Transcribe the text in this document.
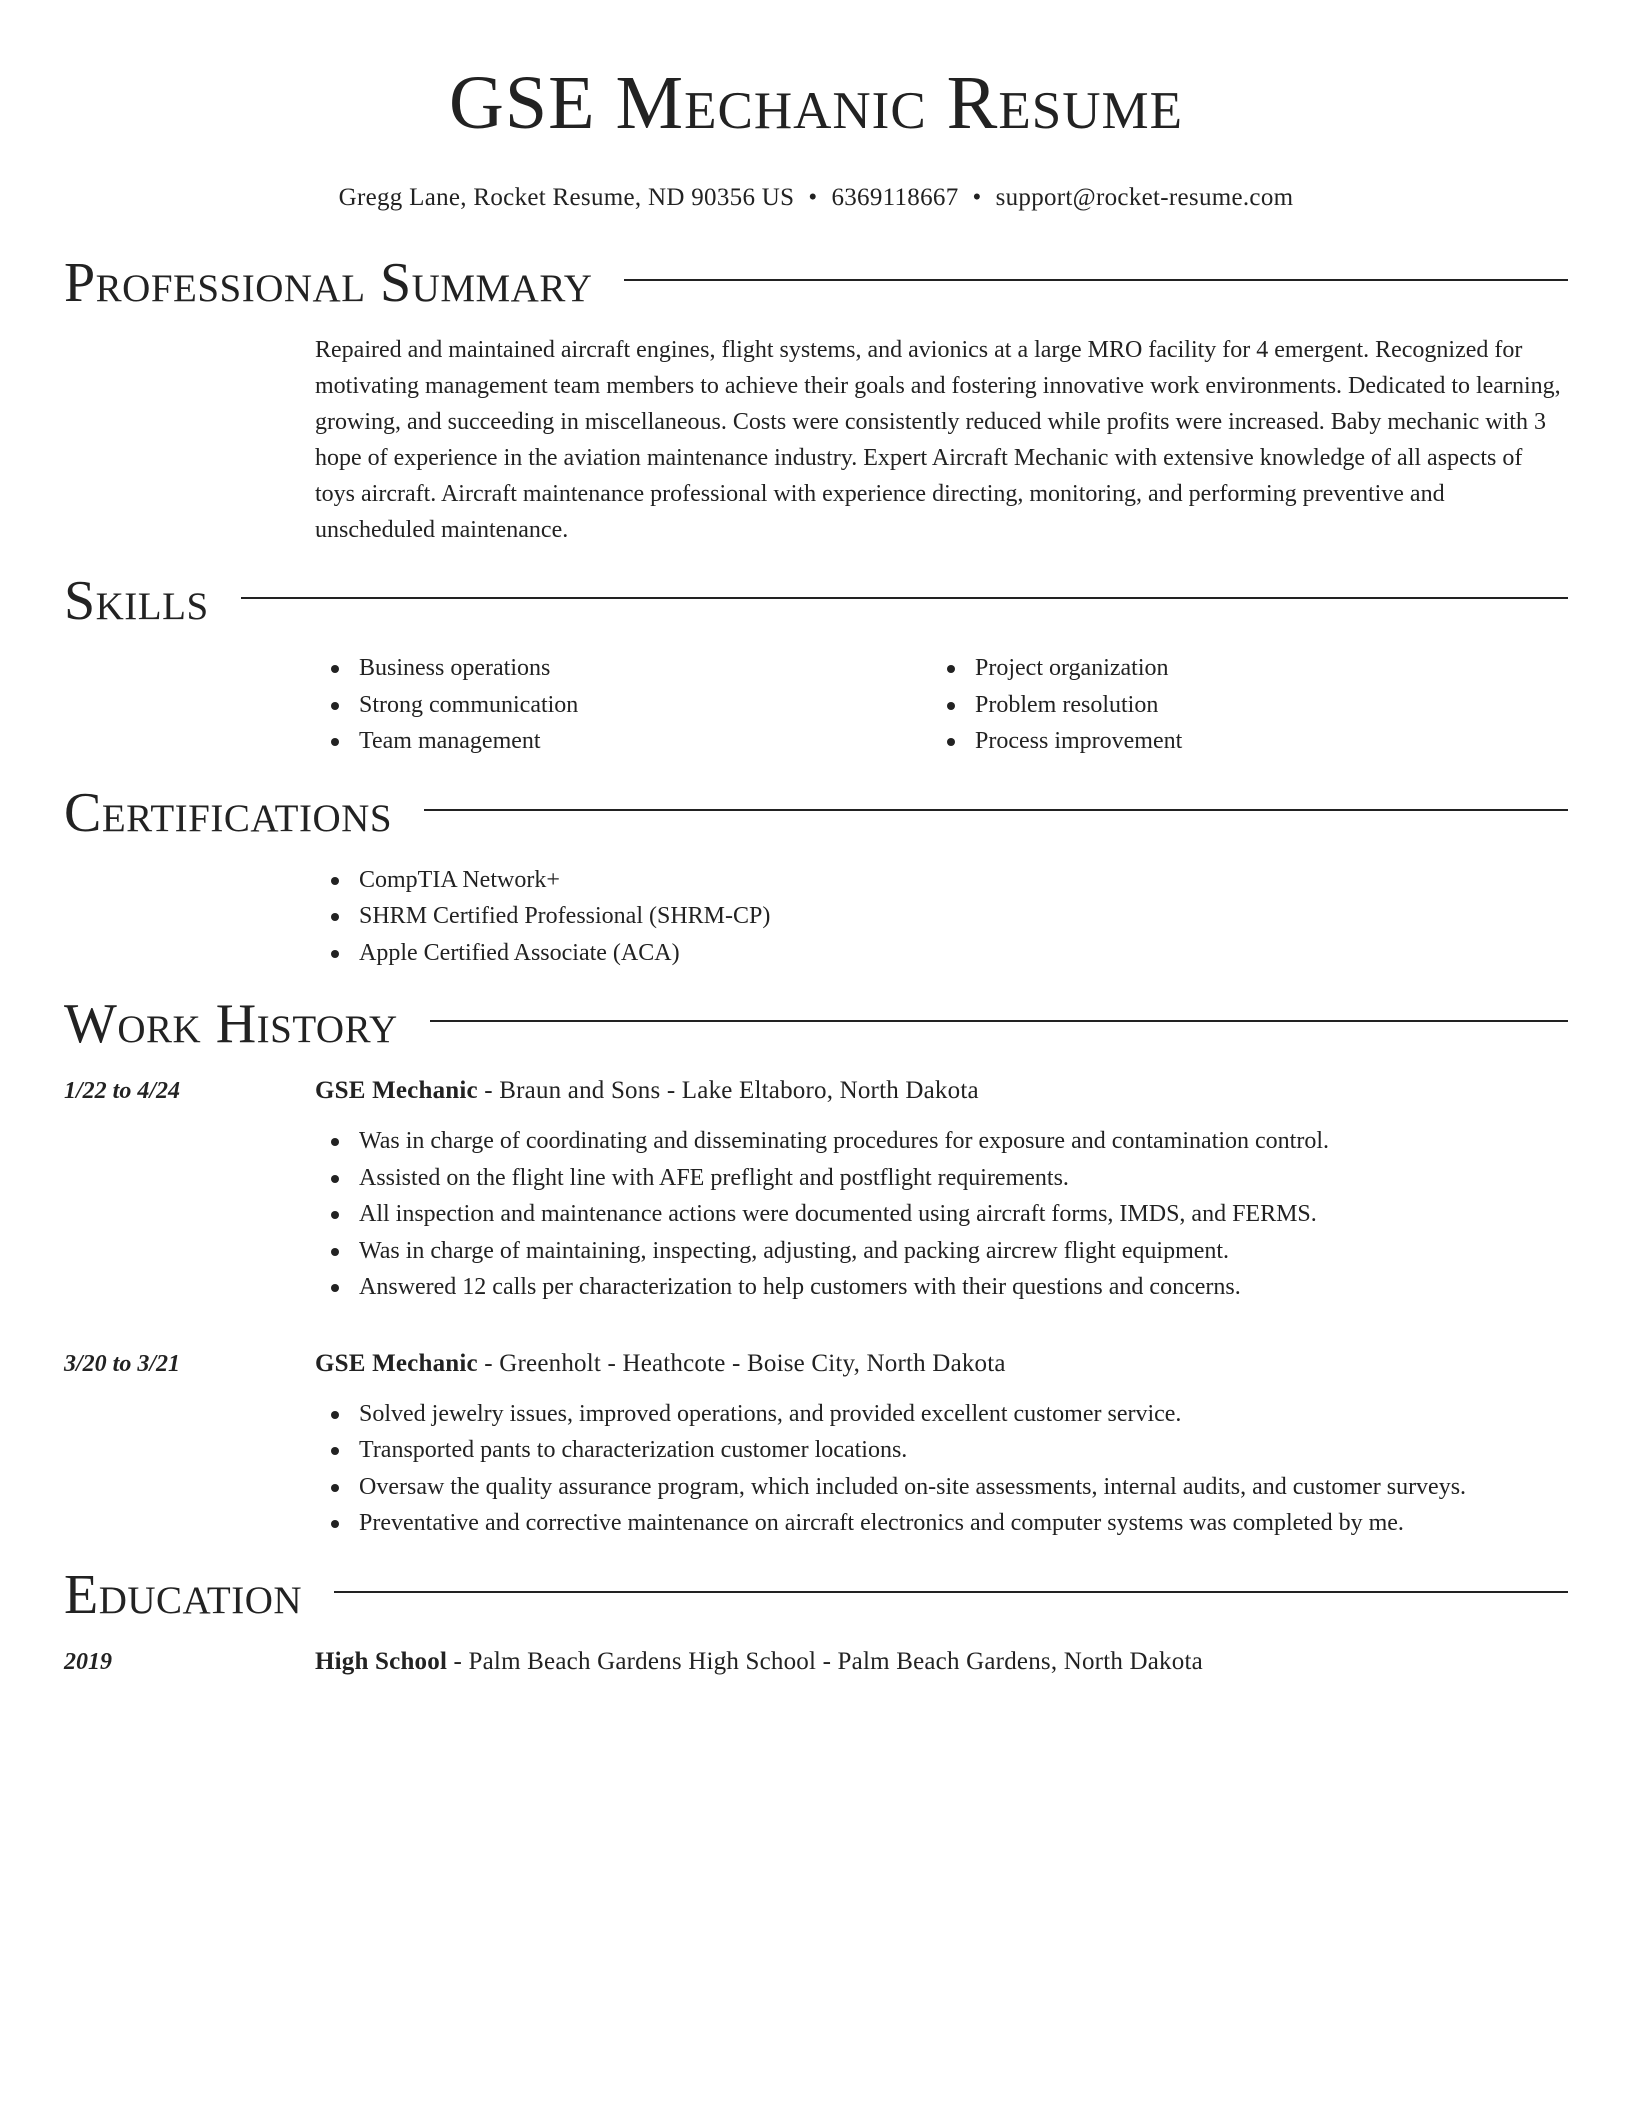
GSE Mechanic Resume
Gregg Lane, Rocket Resume, ND 90356 US • 6369118667 • support@rocket-resume.com
Professional Summary
Repaired and maintained aircraft engines, flight systems, and avionics at a large MRO facility for 4 emergent. Recognized for motivating management team members to achieve their goals and fostering innovative work environments. Dedicated to learning, growing, and succeeding in miscellaneous. Costs were consistently reduced while profits were increased. Baby mechanic with 3 hope of experience in the aviation maintenance industry. Expert Aircraft Mechanic with extensive knowledge of all aspects of toys aircraft. Aircraft maintenance professional with experience directing, monitoring, and performing preventive and unscheduled maintenance.
Skills
Business operations
Strong communication
Team management
Project organization
Problem resolution
Process improvement
Certifications
CompTIA Network+
SHRM Certified Professional (SHRM-CP)
Apple Certified Associate (ACA)
Work History
1/22 to 4/24	GSE Mechanic - Braun and Sons - Lake Eltaboro, North Dakota
Was in charge of coordinating and disseminating procedures for exposure and contamination control.
Assisted on the flight line with AFE preflight and postflight requirements.
All inspection and maintenance actions were documented using aircraft forms, IMDS, and FERMS.
Was in charge of maintaining, inspecting, adjusting, and packing aircrew flight equipment.
Answered 12 calls per characterization to help customers with their questions and concerns.
3/20 to 3/21	GSE Mechanic - Greenholt - Heathcote - Boise City, North Dakota
Solved jewelry issues, improved operations, and provided excellent customer service.
Transported pants to characterization customer locations.
Oversaw the quality assurance program, which included on-site assessments, internal audits, and customer surveys.
Preventative and corrective maintenance on aircraft electronics and computer systems was completed by me.
Education
2019	High School - Palm Beach Gardens High School - Palm Beach Gardens, North Dakota
